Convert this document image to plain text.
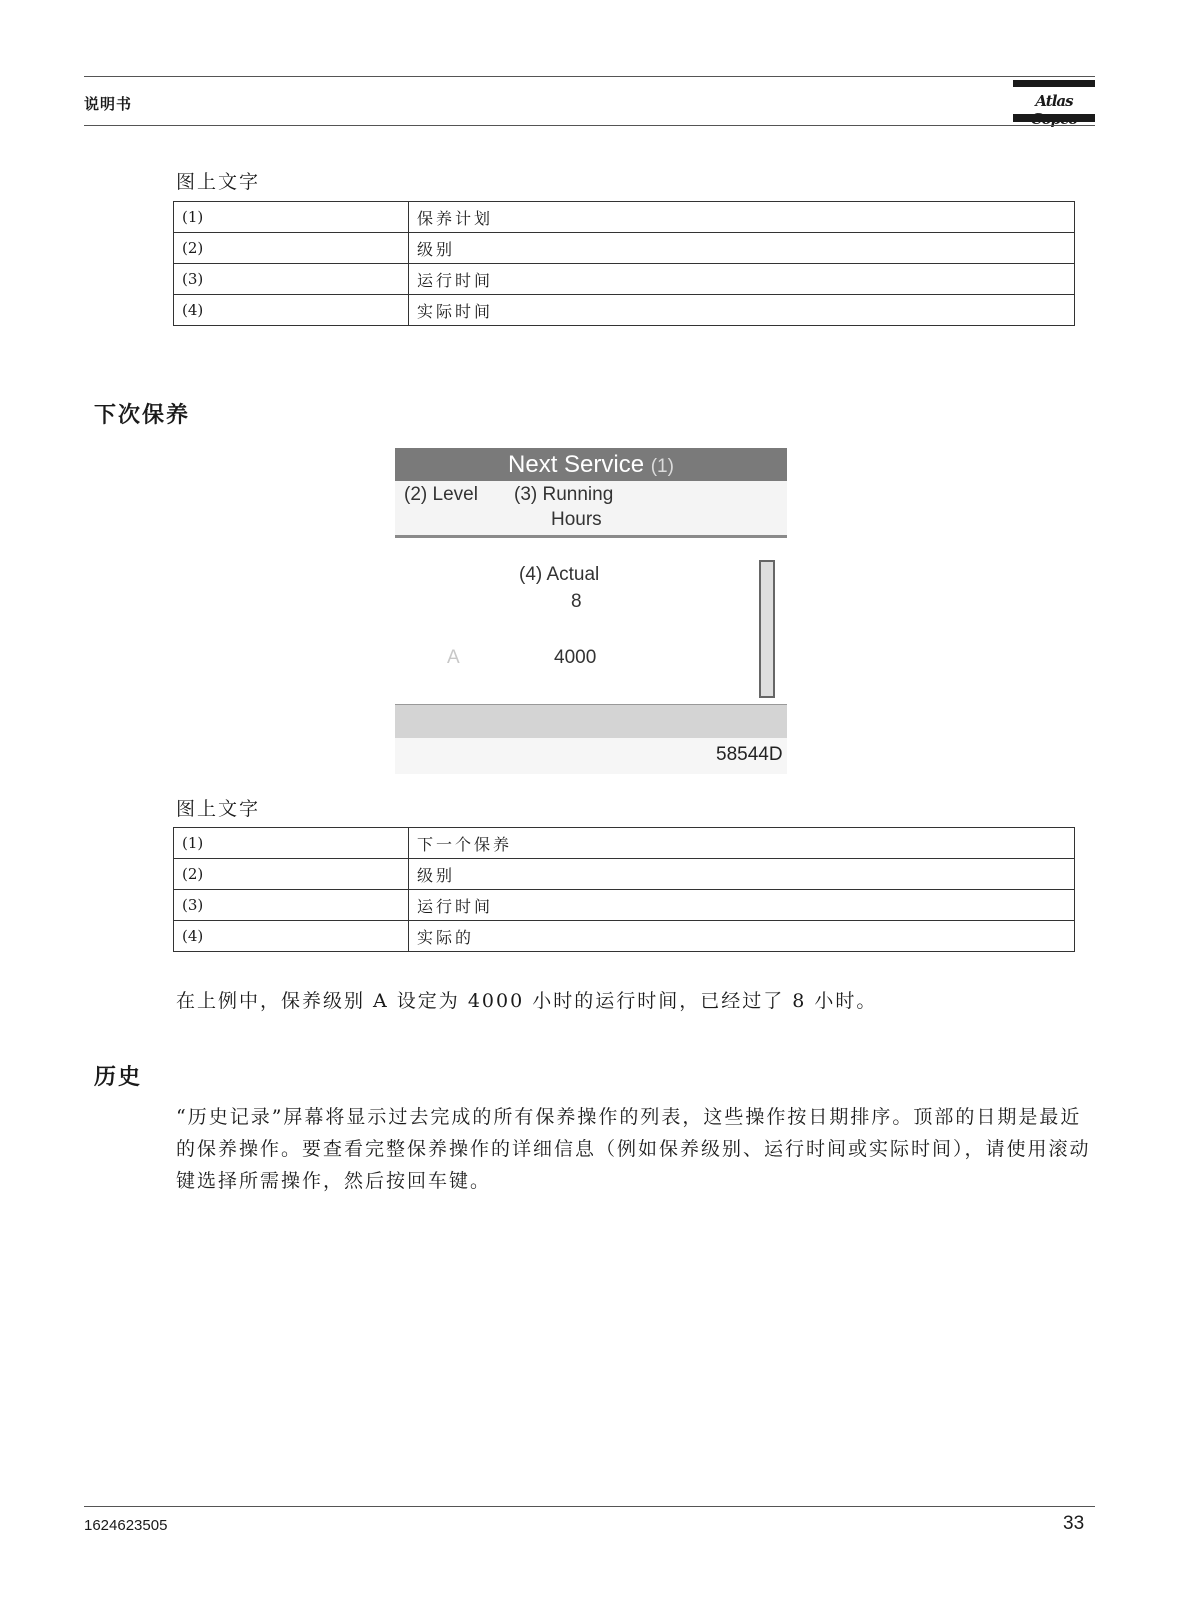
说明书	Atlas
图上文字
(1)	保养计划
(2)	级别
(3)	运行时间
(4)	实际时间
下次保养
Next Service (1)
(2) Level (3) Running
Hours
(4) Actual
8
A	4000
58544D
图上文字
(1)	下一个保养
(2)	级别
(3)	运行时间
(4)	实际的
在上例中，保养级别 A 设定为 4000 小时的运行时间，已经过了 8 小时。
历史
“历史记录”屏幕将显示过去完成的所有保养操作的列表，这些操作按日期排序。顶部的日期是最近的保养操作。要查看完整保养操作的详细信息（例如保养级别、运行时间或实际时间），请使用滚动键选择所需操作，然后按回车键。
1624623505	33
